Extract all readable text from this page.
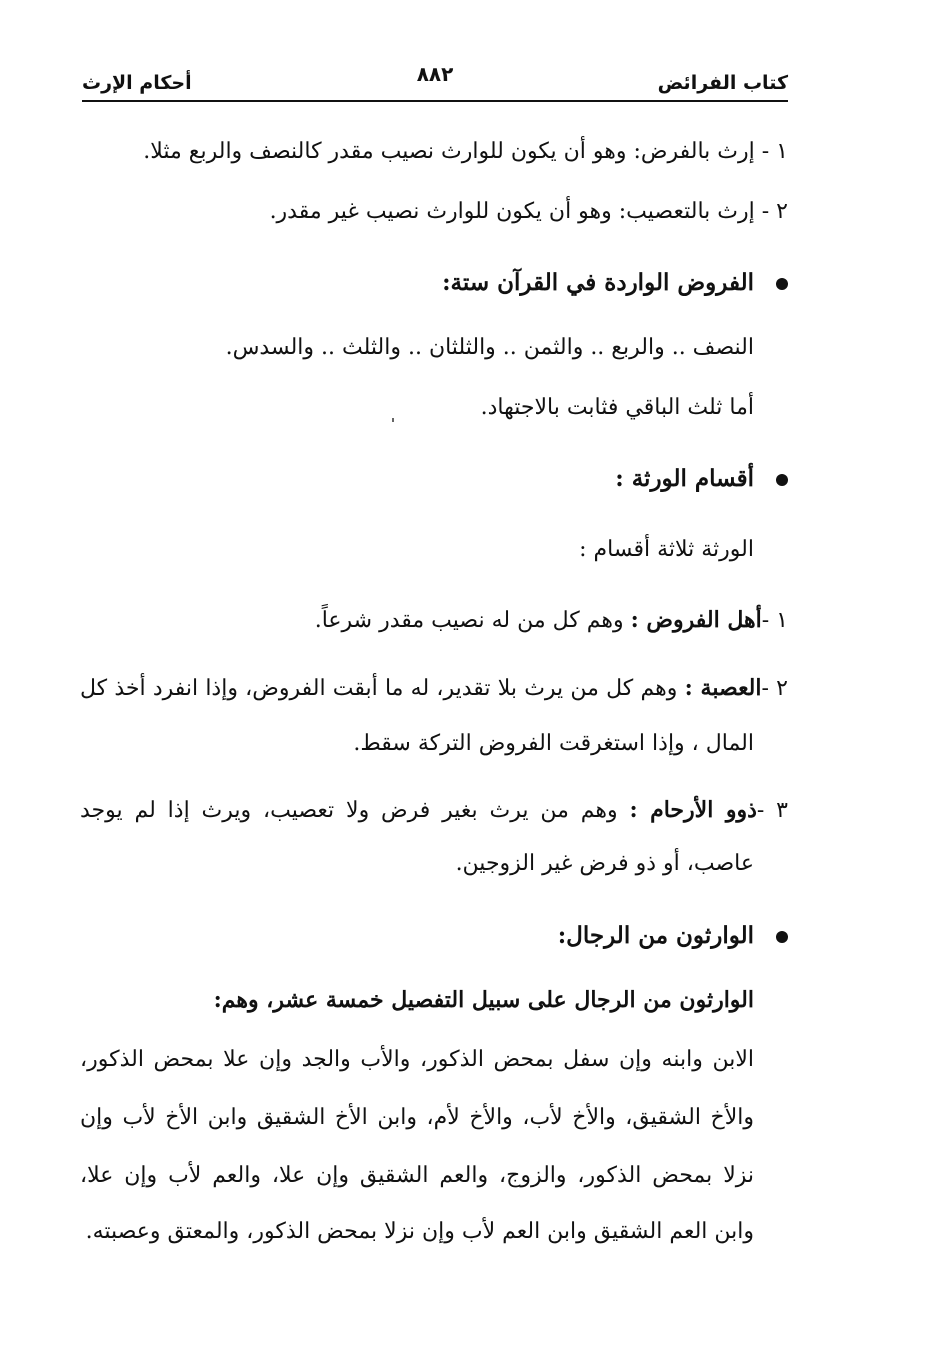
كتاب الفرائض
٨٨٢
أحكام الإرث
١ - إرث بالفرض: وهو أن يكون للوارث نصيب مقدر كالنصف والربع مثلا.
٢ - إرث بالتعصيب: وهو أن يكون للوارث نصيب غير مقدر.
الفروض الواردة في القرآن ستة:
النصف .. والربع .. والثمن .. والثلثان .. والثلث .. والسدس.
أما ثلث الباقي فثابت بالاجتهاد.
أقسام الورثة :
الورثة ثلاثة أقسام :
١ -أهل الفروض : وهم كل من له نصيب مقدر شرعاً.
٢ -العصبة : وهم كل من يرث بلا تقدير، له ما أبقت الفروض، وإذا انفرد أخذ كل
المال ، وإذا استغرقت الفروض التركة سقط.
٣ -ذوو الأرحام : وهم من يرث بغير فرض ولا تعصيب، ويرث إذا لم يوجد
عاصب، أو ذو فرض غير الزوجين.
الوارثون من الرجال:
الوارثون من الرجال على سبيل التفصيل خمسة عشر، وهم:
الابن وابنه وإن سفل بمحض الذكور، والأب والجد وإن علا بمحض الذكور،
والأخ الشقيق، والأخ لأب، والأخ لأم، وابن الأخ الشقيق وابن الأخ لأب وإن
نزلا بمحض الذكور، والزوج، والعم الشقيق وإن علا، والعم لأب وإن علا،
وابن العم الشقيق وابن العم لأب وإن نزلا بمحض الذكور، والمعتق وعصبته.
